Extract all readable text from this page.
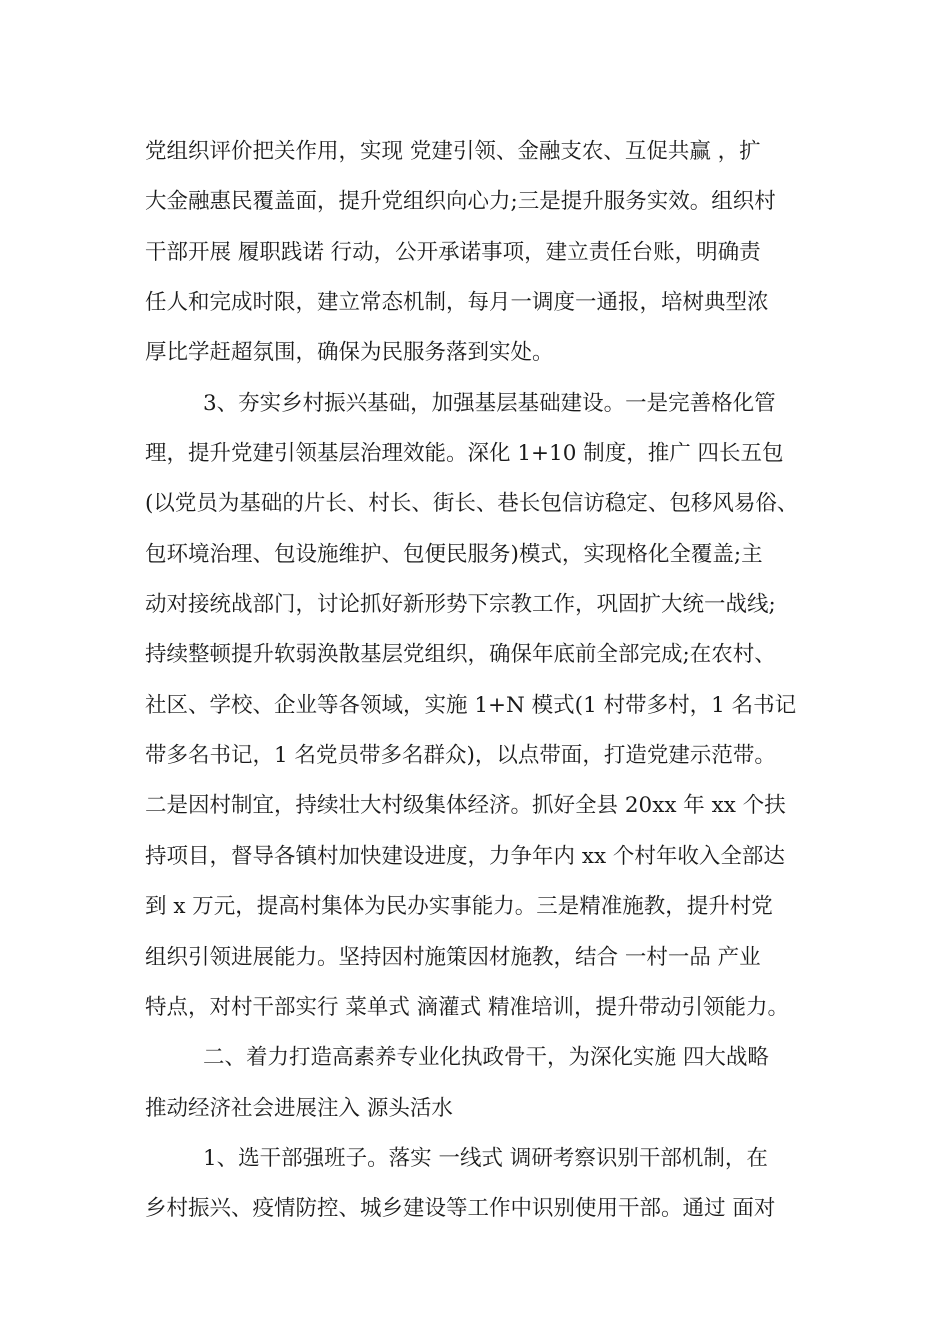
党组织评价把关作用，实现 党建引领、金融支农、互促共赢 ，扩
大金融惠民覆盖面，提升党组织向心力;三是提升服务实效。组织村
干部开展 履职践诺 行动，公开承诺事项，建立责任台账，明确责
任人和完成时限，建立常态机制，每月一调度一通报，培树典型浓
厚比学赶超氛围，确保为民服务落到实处。
3、夯实乡村振兴基础，加强基层基础建设。一是完善格化管
理，提升党建引领基层治理效能。深化 1+10 制度，推广 四长五包
(以党员为基础的片长、村长、街长、巷长包信访稳定、包移风易俗、
包环境治理、包设施维护、包便民服务)模式，实现格化全覆盖;主
动对接统战部门，讨论抓好新形势下宗教工作，巩固扩大统一战线;
持续整顿提升软弱涣散基层党组织，确保年底前全部完成;在农村、
社区、学校、企业等各领域，实施 1+N 模式(1 村带多村，1 名书记
带多名书记，1 名党员带多名群众)，以点带面，打造党建示范带。
二是因村制宜，持续壮大村级集体经济。抓好全县 20xx 年 xx 个扶
持项目，督导各镇村加快建设进度，力争年内 xx 个村年收入全部达
到 x 万元，提高村集体为民办实事能力。三是精准施教，提升村党
组织引领进展能力。坚持因村施策因材施教，结合 一村一品 产业
特点，对村干部实行 菜单式 滴灌式 精准培训，提升带动引领能力。
二、着力打造高素养专业化执政骨干，为深化实施 四大战略
推动经济社会进展注入 源头活水
1、选干部强班子。落实 一线式 调研考察识别干部机制，在
乡村振兴、疫情防控、城乡建设等工作中识别使用干部。通过 面对
